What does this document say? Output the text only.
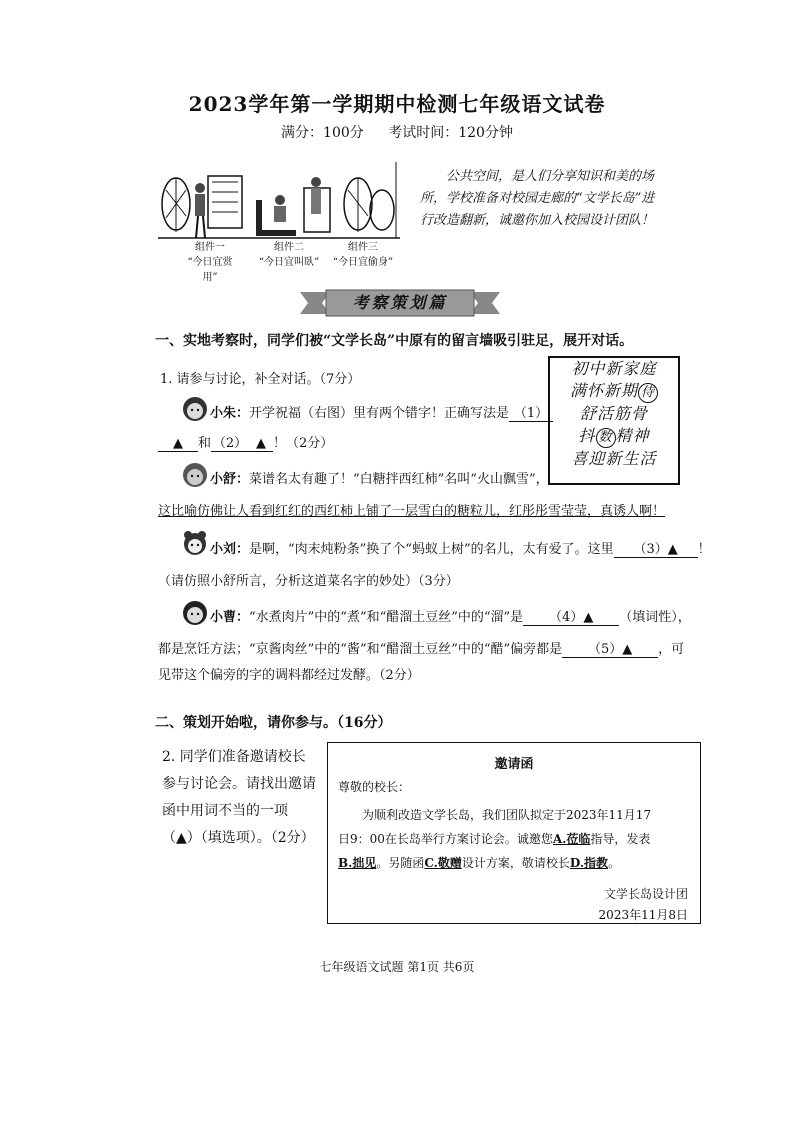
2023学年第一学期期中检测七年级语文试卷
满分：100分 考试时间：120分钟
组件一
“今日宜赏用”
组件二
“今日宜叫臥”
组件三
“今日宜偷身”
公共空间，是人们分享知识和美的场所，学校准备对校园走廊的“文学长岛”进行改造翻新，诚邀你加入校园设计团队！
考察策划篇
一、实地考察时，同学们被“文学长岛”中原有的留言墙吸引驻足，展开对话。
1. 请参与讨论，补全对话。（7分）
初中新家庭
满怀新期 侍
舒活筋骨
抖 数 精神
喜迎新生活
小朱：开学祝福（右图）里有两个错字！正确写法是 （1）
▲ 和 （2） ▲ ！（2分）
小舒：菜谱名太有趣了！“白糖拌西红柿”名叫“火山飘雪”，
这比喻仿佛让人看到红红的西红柿上铺了一层雪白的糖粒儿，红彤彤雪莹莹，真诱人啊！
小刘：是啊，“肉末炖粉条”换了个“蚂蚁上树”的名儿，太有爱了。这里 （3）▲ ！
（请仿照小舒所言，分析这道菜名字的妙处）（3分）
小曹：“水煮肉片”中的“煮”和“醋溜土豆丝”中的“溜”是 （4）▲ （填词性），
都是烹饪方法；“京酱肉丝”中的“酱”和“醋溜土豆丝”中的“醋”偏旁都是 （5）▲ ，可
见带这个偏旁的字的调料都经过发酵。（2分）
二、策划开始啦，请你参与。（16分）
2. 同学们准备邀请校长
参与讨论会。请找出邀请
函中用词不当的一项
（▲）（填选项）。（2分）
邀请函
尊敬的校长：
为顺利改造文学长岛，我们团队拟定于2023年11月17
日9：00在长岛举行方案讨论会。诚邀您A.莅临指导，发表
B.拙见。另随函C.敬赠设计方案，敬请校长D.指教。
文学长岛设计团
2023年11月8日
七年级语文试题 第1页 共6页
